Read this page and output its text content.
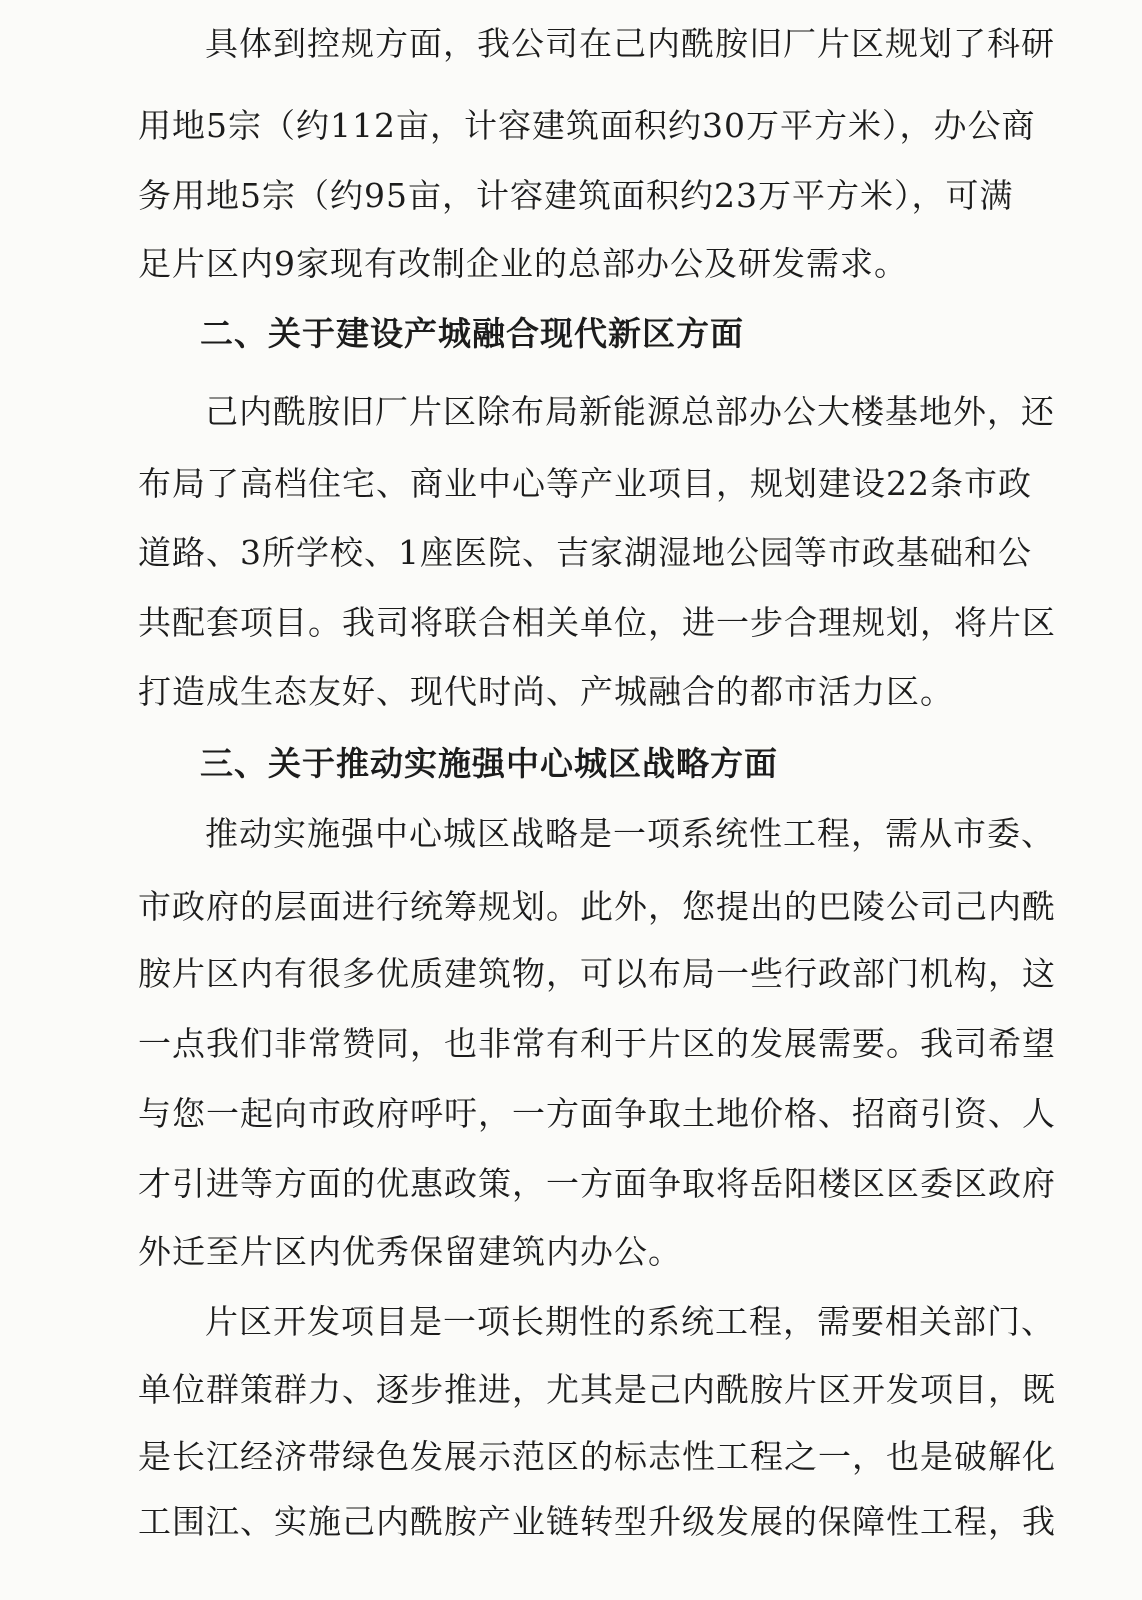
具体到控规方面，我公司在己内酰胺旧厂片区规划了科研
用地5宗（约112亩，计容建筑面积约30万平方米），办公商
务用地5宗（约95亩，计容建筑面积约23万平方米），可满
足片区内9家现有改制企业的总部办公及研发需求。
二、关于建设产城融合现代新区方面
己内酰胺旧厂片区除布局新能源总部办公大楼基地外，还
布局了高档住宅、商业中心等产业项目，规划建设22条市政
道路、3所学校、1座医院、吉家湖湿地公园等市政基础和公
共配套项目。我司将联合相关单位，进一步合理规划，将片区
打造成生态友好、现代时尚、产城融合的都市活力区。
三、关于推动实施强中心城区战略方面
推动实施强中心城区战略是一项系统性工程，需从市委、
市政府的层面进行统筹规划。此外，您提出的巴陵公司己内酰
胺片区内有很多优质建筑物，可以布局一些行政部门机构，这
一点我们非常赞同，也非常有利于片区的发展需要。我司希望
与您一起向市政府呼吁，一方面争取土地价格、招商引资、人
才引进等方面的优惠政策，一方面争取将岳阳楼区区委区政府
外迁至片区内优秀保留建筑内办公。
片区开发项目是一项长期性的系统工程，需要相关部门、
单位群策群力、逐步推进，尤其是己内酰胺片区开发项目，既
是长江经济带绿色发展示范区的标志性工程之一，也是破解化
工围江、实施己内酰胺产业链转型升级发展的保障性工程，我
